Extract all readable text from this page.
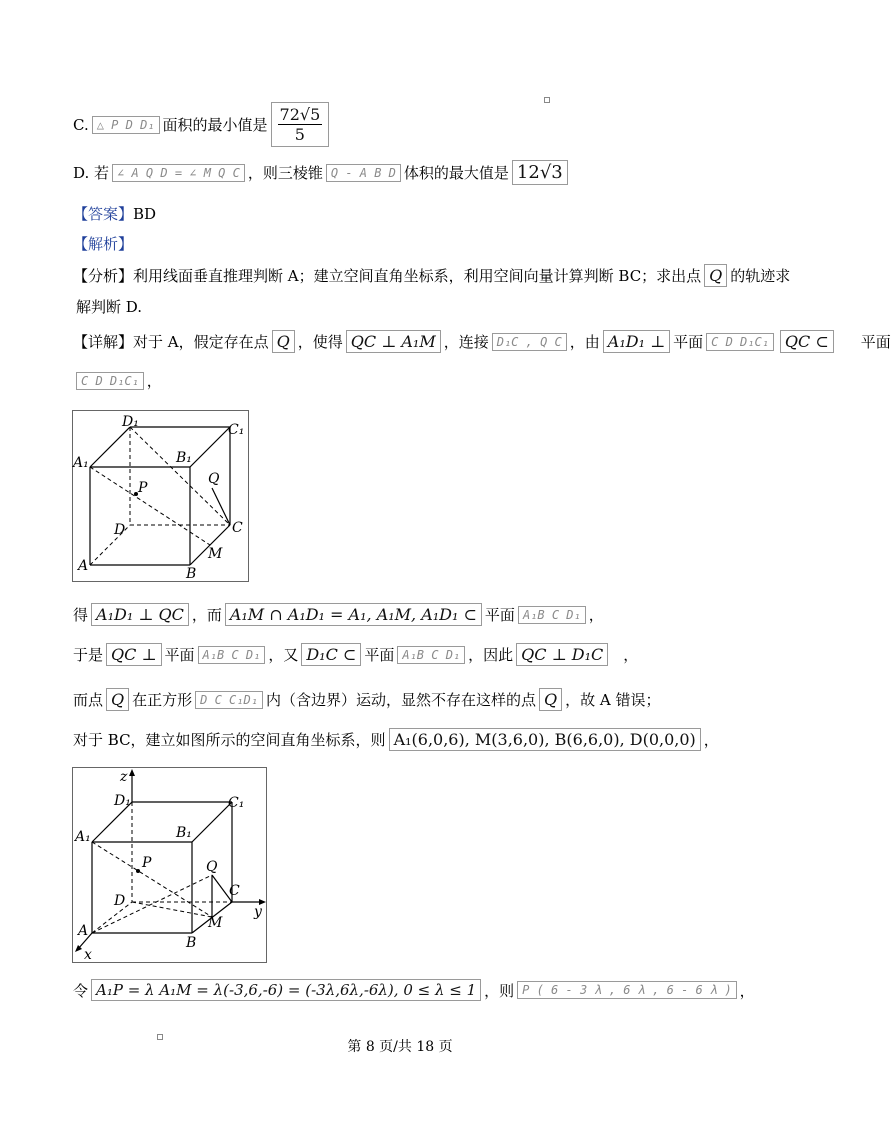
C. △ P D D₁ 面积的最小值是 $\frac{72√5}{5}$
D. 若 ∠ A Q D = ∠ M Q C ，则三棱锥 Q - A B D 体积的最大值是 12√3
【答案】 BD
【解析】
【分析】 利用线面垂直推理判断 A；建立空间直角坐标系，利用空间向量计算判断 BC；求出点 Q 的轨迹求
解判断 D.
【详解】 对于 A，假定存在点 Q ，使得 QC ⊥ A₁M ，连接 D₁C , Q C ，由 A₁D₁ ⊥ 平面 C D D₁C₁	QC ⊂	平面
C D D₁C₁ ，
D₁	C₁
A₁	B₁
P
Q
D	C
M
A	B
得 A₁D₁ ⊥ QC ，而 A₁M ∩ A₁D₁ = A₁, A₁M, A₁D₁ ⊂ 平面 A₁B C D₁ ，
于是 QC ⊥ 平面 A₁B C D₁ ，又 D₁C ⊂ 平面 A₁B C D₁ ，因此 QC ⊥ D₁C	，
而点 Q 在正方形 D C C₁D₁ 内（含边界）运动，显然不存在这样的点 Q ，故 A 错误；
对于 BC，建立如图所示的空间直角坐标系，则 A₁(6,0,6), M(3,6,0), B(6,6,0), D(0,0,0) ，
z
D₁	C₁
A₁	B₁
P	Q
D
C
y
A	M
B
x
令 A₁P = λ A₁M = λ(-3,6,-6) = (-3λ,6λ,-6λ), 0 ≤ λ ≤ 1 ，则 P ( 6 - 3 λ , 6 λ , 6 - 6 λ ) ，
第 8 页/共 18 页
